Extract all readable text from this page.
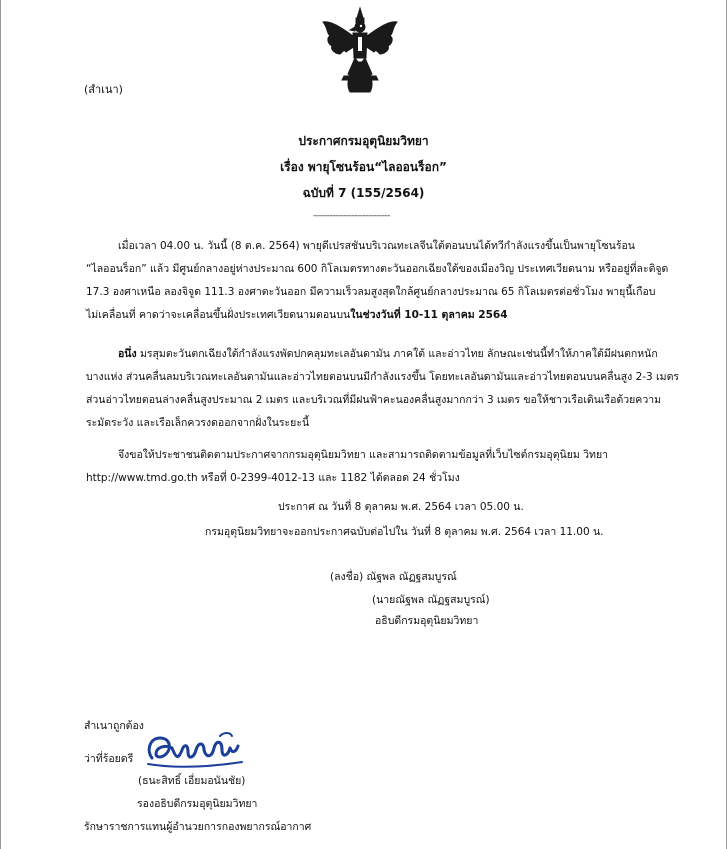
(สำเนา)
ประกาศกรมอุตุนิยมวิทยา
เรื่อง พายุโซนร้อน“ไลออนร็อก”
ฉบับที่ 7 (155/2564)
----------------------------
เมื่อเวลา 04.00 น. วันนี้ (8 ต.ค. 2564) พายุดีเปรสชันบริเวณทะเลจีนใต้ตอนบนได้ทวีกำลังแรงขึ้นเป็นพายุโซนร้อน
“ไลออนร็อก” แล้ว มีศูนย์กลางอยู่ห่างประมาณ 600 กิโลเมตรทางตะวันออกเฉียงใต้ของเมืองวิญ ประเทศเวียดนาม หรืออยู่ที่ละติจูด
17.3 องศาเหนือ ลองจิจูด 111.3 องศาตะวันออก มีความเร็วลมสูงสุดใกล้ศูนย์กลางประมาณ 65 กิโลเมตรต่อชั่วโมง พายุนี้เกือบ
ไม่เคลื่อนที่ คาดว่าจะเคลื่อนขึ้นฝั่งประเทศเวียดนามตอนบนในช่วงวันที่ 10-11 ตุลาคม 2564
อนึ่ง มรสุมตะวันตกเฉียงใต้กำลังแรงพัดปกคลุมทะเลอันดามัน ภาคใต้ และอ่าวไทย ลักษณะเช่นนี้ทำให้ภาคใต้มีฝนตกหนัก
บางแห่ง ส่วนคลื่นลมบริเวณทะเลอันดามันและอ่าวไทยตอนบนมีกำลังแรงขึ้น โดยทะเลอันดามันและอ่าวไทยตอนบนคลื่นสูง 2-3 เมตร
ส่วนอ่าวไทยตอนล่างคลื่นสูงประมาณ 2 เมตร และบริเวณที่มีฝนฟ้าคะนองคลื่นสูงมากกว่า 3 เมตร ขอให้ชาวเรือเดินเรือด้วยความ
ระมัดระวัง และเรือเล็กควรงดออกจากฝั่งในระยะนี้
จึงขอให้ประชาชนติดตามประกาศจากกรมอุตุนิยมวิทยา และสามารถติดตามข้อมูลที่เว็บไซต์กรมอุตุนิยม วิทยา
http://www.tmd.go.th หรือที่ 0-2399-4012-13 และ 1182 ได้ตลอด 24 ชั่วโมง
ประกาศ ณ วันที่ 8 ตุลาคม พ.ศ. 2564 เวลา 05.00 น.
กรมอุตุนิยมวิทยาจะออกประกาศฉบับต่อไปใน วันที่ 8 ตุลาคม พ.ศ. 2564 เวลา 11.00 น.
(ลงชื่อ) ณัฐพล ณัฏฐสมบูรณ์
(นายณัฐพล ณัฏฐสมบูรณ์)
อธิบดีกรมอุตุนิยมวิทยา
สำเนาถูกต้อง
ว่าที่ร้อยตรี
(ธนะสิทธิ์ เอี่ยมอนันชัย)
รองอธิบดีกรมอุตุนิยมวิทยา
รักษาราชการแทนผู้อำนวยการกองพยากรณ์อากาศ
